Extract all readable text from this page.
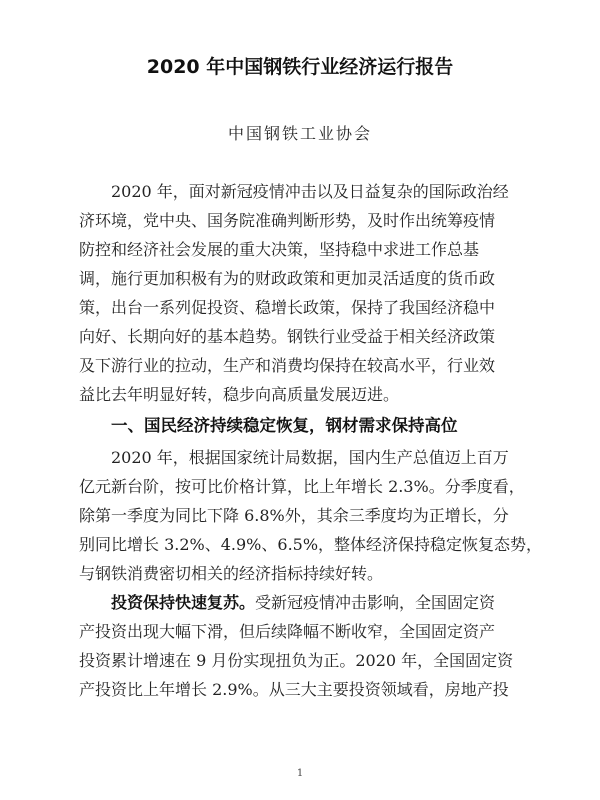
2020 年中国钢铁行业经济运行报告
中国钢铁工业协会
2020 年，面对新冠疫情冲击以及日益复杂的国际政治经
济环境，党中央、国务院准确判断形势，及时作出统筹疫情
防控和经济社会发展的重大决策，坚持稳中求进工作总基
调，施行更加积极有为的财政政策和更加灵活适度的货币政
策，出台一系列促投资、稳增长政策，保持了我国经济稳中
向好、长期向好的基本趋势。钢铁行业受益于相关经济政策
及下游行业的拉动，生产和消费均保持在较高水平，行业效
益比去年明显好转，稳步向高质量发展迈进。
一、国民经济持续稳定恢复，钢材需求保持高位
2020 年，根据国家统计局数据，国内生产总值迈上百万
亿元新台阶，按可比价格计算，比上年增长 2.3%。分季度看，
除第一季度为同比下降 6.8%外，其余三季度均为正增长，分
别同比增长 3.2%、4.9%、6.5%，整体经济保持稳定恢复态势，
与钢铁消费密切相关的经济指标持续好转。
投资保持快速复苏。受新冠疫情冲击影响，全国固定资
产投资出现大幅下滑，但后续降幅不断收窄，全国固定资产
投资累计增速在 9 月份实现扭负为正。2020 年，全国固定资
产投资比上年增长 2.9%。从三大主要投资领域看，房地产投
1
